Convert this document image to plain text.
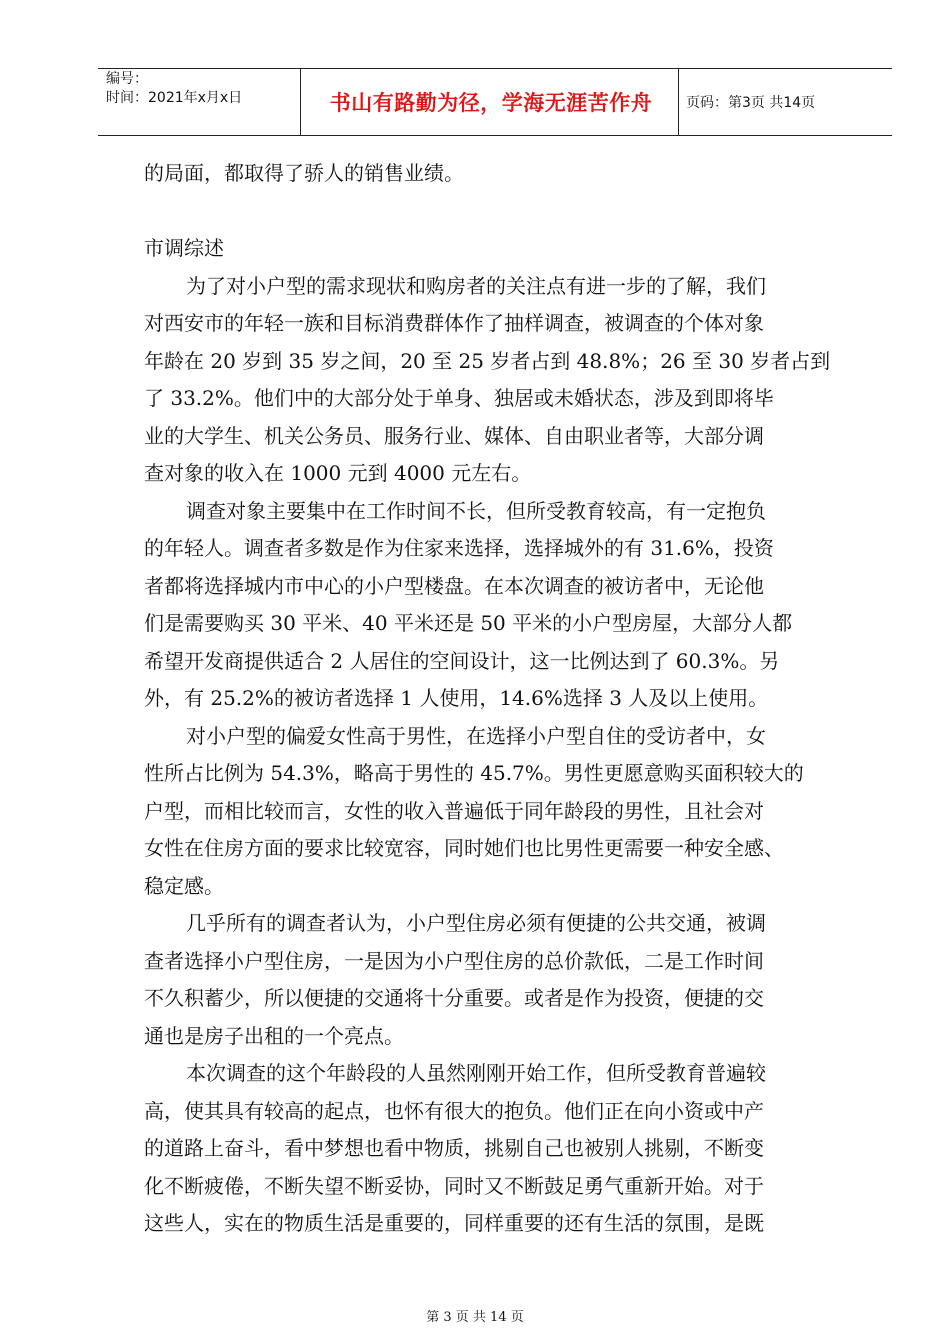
编号：
时间：2021年x月x日	书山有路勤为径，学海无涯苦作舟	页码：第3页 共14页
的局面，都取得了骄人的销售业绩。
市调综述
为了对小户型的需求现状和购房者的关注点有进一步的了解，我们
对西安市的年轻一族和目标消费群体作了抽样调查，被调查的个体对象
年龄在 20 岁到 35 岁之间，20 至 25 岁者占到 48.8%；26 至 30 岁者占到
了 33.2%。他们中的大部分处于单身、独居或未婚状态，涉及到即将毕
业的大学生、机关公务员、服务行业、媒体、自由职业者等，大部分调
查对象的收入在 1000 元到 4000 元左右。
调查对象主要集中在工作时间不长，但所受教育较高，有一定抱负
的年轻人。调查者多数是作为住家来选择，选择城外的有 31.6%，投资
者都将选择城内市中心的小户型楼盘。在本次调查的被访者中，无论他
们是需要购买 30 平米、40 平米还是 50 平米的小户型房屋，大部分人都
希望开发商提供适合 2 人居住的空间设计，这一比例达到了 60.3%。另
外，有 25.2%的被访者选择 1 人使用，14.6%选择 3 人及以上使用。
对小户型的偏爱女性高于男性，在选择小户型自住的受访者中，女
性所占比例为 54.3%，略高于男性的 45.7%。男性更愿意购买面积较大的
户型，而相比较而言，女性的收入普遍低于同年龄段的男性，且社会对
女性在住房方面的要求比较宽容，同时她们也比男性更需要一种安全感、
稳定感。
几乎所有的调查者认为，小户型住房必须有便捷的公共交通，被调
查者选择小户型住房，一是因为小户型住房的总价款低，二是工作时间
不久积蓄少，所以便捷的交通将十分重要。或者是作为投资，便捷的交
通也是房子出租的一个亮点。
本次调查的这个年龄段的人虽然刚刚开始工作，但所受教育普遍较
高，使其具有较高的起点，也怀有很大的抱负。他们正在向小资或中产
的道路上奋斗，看中梦想也看中物质，挑剔自己也被别人挑剔，不断变
化不断疲倦，不断失望不断妥协，同时又不断鼓足勇气重新开始。对于
这些人，实在的物质生活是重要的，同样重要的还有生活的氛围，是既
第 3 页 共 14 页
